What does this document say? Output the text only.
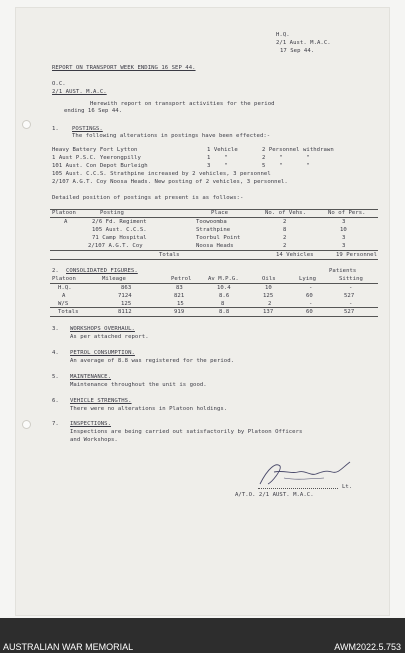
H.Q.
2/1 Aust. M.A.C.
17 Sep 44.
REPORT ON TRANSPORT WEEK ENDING 16 SEP 44.
O.C.
2/1 AUST. M.A.C.
Herewith report on transport activities for the period
ending 16 Sep 44.
1. POSTINGS.
The following alterations in postings have been effected:-
Heavy Battery Fort Lytton	1 Vehicle	2 Personnel withdrawn
1 Aust P.S.C. Yeerongpilly	1    "	2    "       "
101 Aust. Con Depot Burleigh	3    "	5    "       "
105 Aust. C.C.S. Strathpine increased by 2 vehicles, 3 personnel
2/107 A.G.T. Coy Noosa Heads. New posting of 2 vehicles, 3 personnel.
Detailed position of postings at present is as follows:-
Platoon	Posting	Place	No. of Vehs.	No of Pers.
A	2/6 Fd. Regiment	Toowoomba	2	3
105 Aust. C.C.S.	Strathpine	8	10
71 Camp Hospital	Toorbul Point	2	3
2/107 A.G.T. Coy	Noosa Heads	2	3
Totals	14 Vehicles	19 Personnel
2. CONSOLIDATED FIGURES.	Patients
Platoon	Mileage	Petrol	Av M.P.G.	Oils	Lying	Sitting
H.Q.	863	83	10.4	10	-	-
A	7124	821	8.6	125	60	527
W/S	125	15	8	2	-	-
Totals	8112	919	8.8	137	60	527
3. WORKSHOPS OVERHAUL.
As per attached report.
4. PETROL CONSUMPTION.
An average of 8.8 was registered for the period.
5. MAINTENANCE.
Maintenance throughout the unit is good.
6. VEHICLE STRENGTHS.
There were no alterations in Platoon holdings.
7. INSPECTIONS.
Inspections are being carried out satisfactorily by Platoon Officers
and Workshops.
Lt.
A/T.O. 2/1 AUST. M.A.C.
AUSTRALIAN WAR MEMORIAL	AWM2022.5.753
